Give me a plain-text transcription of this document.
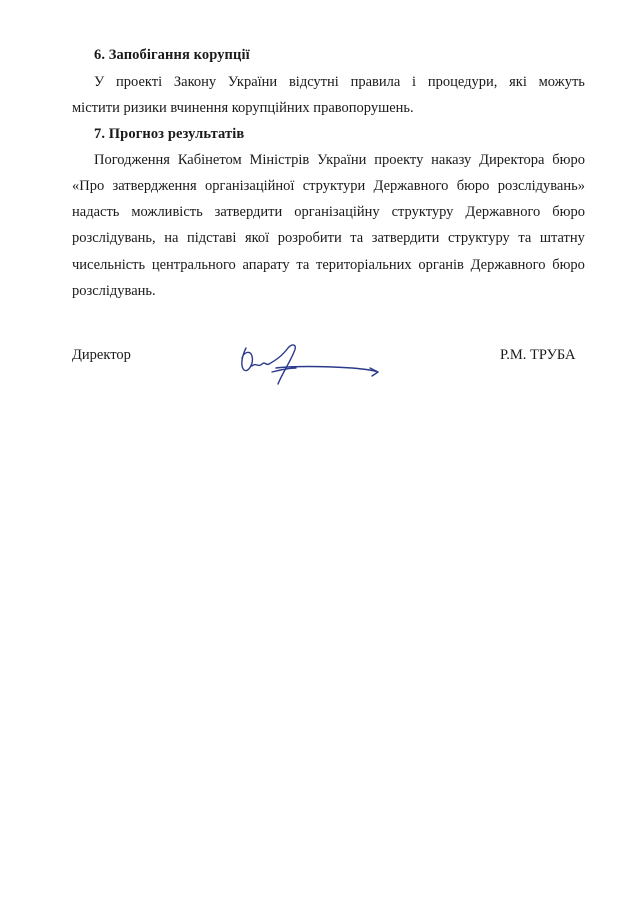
6. Запобігання корупції
У проекті Закону України відсутні правила і процедури, які можуть
містити ризики вчинення корупційних правопорушень.
7. Прогноз результатів
Погодження Кабінетом Міністрів України проекту наказу Директора бюро
«Про затвердження організаційної структури Державного бюро розслідувань»
надасть можливість затвердити організаційну структуру Державного бюро
розслідувань, на підставі якої розробити та затвердити структуру та штатну
чисельність центрального апарату та територіальних органів Державного бюро
розслідувань.
Директор	Р.М. ТРУБА
